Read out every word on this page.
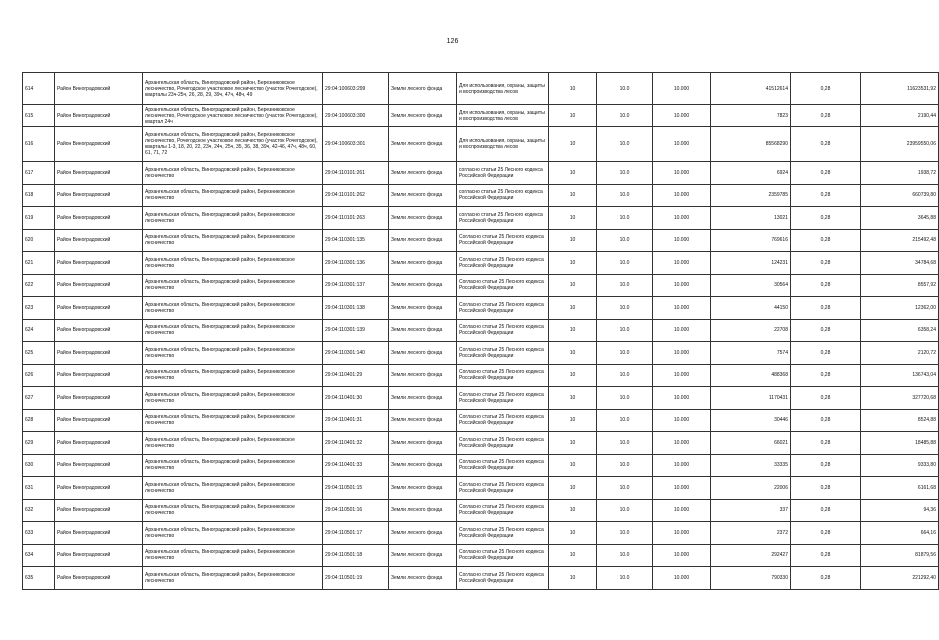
126
614	Район Виноградовский	Архангельская область, Виноградовский район, Березниковское лесничество, Рочегодское участковое лесничество (участок Рочегодское), кварталы 23ч-25ч, 26, 28, 29, 39ч, 47ч, 48ч, 49	29:04:100603:299	Земли лесного фонда	Для использования, охраны, защиты и воспроизводства лесов	10	10.0	10.000	41512614	0,28	11623531,92
615	Район Виноградовский	Архангельская область, Виноградовский район, Березниковское лесничество, Рочегодское участковое лесничество (участок Рочегодское), квартал 24ч	29:04:100603:300	Земли лесного фонда	Для использования, охраны, защиты и воспроизводства лесов	10	10.0	10.000	7823	0,28	2190,44
616	Район Виноградовский	Архангельская область, Виноградовский район, Березниковское лесничество, Рочегодское участковое лесничество (участок Рочегодское), кварталы 1-3, 18, 20, 22, 23ч, 24ч, 25ч, 35, 36, 38, 39ч, 42-46, 47ч, 48ч, 60, 61, 71, 72	29:04:100603:301	Земли лесного фонда	Для использования, охраны, защиты и воспроизводства лесов	10	10.0	10.000	85568290	0,28	23959550,06
617	Район Виноградовский	Архангельская область, Виноградовский район, Березниковское лесничество	29:04:110101:261	Земли лесного фонда	согласно статьи 25 Лесного кодекса Российской Федерации	10	10.0	10.000	6924	0,28	1938,72
618	Район Виноградовский	Архангельская область, Виноградовский район, Березниковское лесничество	29:04:110101:262	Земли лесного фонда	согласно статьи 25 Лесного кодекса Российской Федерации	10	10.0	10.000	2359785	0,28	660739,80
619	Район Виноградовский	Архангельская область, Виноградовский район, Березниковское лесничество	29:04:110101:263	Земли лесного фонда	согласно статьи 25 Лесного кодекса Российской Федерации	10	10.0	10.000	13021	0,28	3645,88
620	Район Виноградовский	Архангельская область, Виноградовский район, Березниковское лесничество	29:04:110301:135	Земли лесного фонда	Согласно статьи 25 Лесного кодекса Российской Федерации	10	10.0	10.000	769616	0,28	215492,48
621	Район Виноградовский	Архангельская область, Виноградовский район, Березниковское лесничество	29:04:110301:136	Земли лесного фонда	Согласно статьи 25 Лесного кодекса Российской Федерации	10	10.0	10.000	124231	0,28	34784,68
622	Район Виноградовский	Архангельская область, Виноградовский район, Березниковское лесничество	29:04:110301:137	Земли лесного фонда	Согласно статьи 25 Лесного кодекса Российской Федерации	10	10.0	10.000	30564	0,28	8557,92
623	Район Виноградовский	Архангельская область, Виноградовский район, Березниковское лесничество	29:04:110301:138	Земли лесного фонда	Согласно статьи 25 Лесного кодекса Российской Федерации	10	10.0	10.000	44150	0,28	12362,00
624	Район Виноградовский	Архангельская область, Виноградовский район, Березниковское лесничество	29:04:110301:139	Земли лесного фонда	Согласно статьи 25 Лесного кодекса Российской Федерации	10	10.0	10.000	22708	0,28	6358,24
625	Район Виноградовский	Архангельская область, Виноградовский район, Березниковское лесничество	29:04:110301:140	Земли лесного фонда	Согласно статьи 25 Лесного кодекса Российской Федерации	10	10.0	10.000	7574	0,28	2120,72
626	Район Виноградовский	Архангельская область, Виноградовский район, Березниковское лесничество	29:04:110401:29	Земли лесного фонда	Согласно статьи 25 Лесного кодекса Российской Федерации	10	10.0	10.000	488368	0,28	136743,04
627	Район Виноградовский	Архангельская область, Виноградовский район, Березниковское лесничество	29:04:110401:30	Земли лесного фонда	Согласно статьи 25 Лесного кодекса Российской Федерации	10	10.0	10.000	1170431	0,28	327720,68
628	Район Виноградовский	Архангельская область, Виноградовский район, Березниковское лесничество	29:04:110401:31	Земли лесного фонда	Согласно статьи 25 Лесного кодекса Российской Федерации	10	10.0	10.000	30446	0,28	8524,88
629	Район Виноградовский	Архангельская область, Виноградовский район, Березниковское лесничество	29:04:110401:32	Земли лесного фонда	Согласно статьи 25 Лесного кодекса Российской Федерации	10	10.0	10.000	66021	0,28	18485,88
630	Район Виноградовский	Архангельская область, Виноградовский район, Березниковское лесничество	29:04:110401:33	Земли лесного фонда	Согласно статьи 25 Лесного кодекса Российской Федерации	10	10.0	10.000	33335	0,28	9333,80
631	Район Виноградовский	Архангельская область, Виноградовский район, Березниковское лесничество	29:04:110501:15	Земли лесного фонда	Согласно статьи 25 Лесного кодекса Российской Федерации	10	10.0	10.000	22006	0,28	6161,68
632	Район Виноградовский	Архангельская область, Виноградовский район, Березниковское лесничество	29:04:110501:16	Земли лесного фонда	Согласно статьи 25 Лесного кодекса Российской Федерации	10	10.0	10.000	337	0,28	94,36
633	Район Виноградовский	Архангельская область, Виноградовский район, Березниковское лесничество	29:04:110501:17	Земли лесного фонда	Согласно статьи 25 Лесного кодекса Российской Федерации	10	10.0	10.000	2372	0,28	664,16
634	Район Виноградовский	Архангельская область, Виноградовский район, Березниковское лесничество	29:04:110501:18	Земли лесного фонда	Согласно статьи 25 Лесного кодекса Российской Федерации	10	10.0	10.000	292427	0,28	81879,56
635	Район Виноградовский	Архангельская область, Виноградовский район, Березниковское лесничество	29:04:110501:19	Земли лесного фонда	Согласно статьи 25 Лесного кодекса Российской Федерации	10	10.0	10.000	790330	0,28	221292,40
